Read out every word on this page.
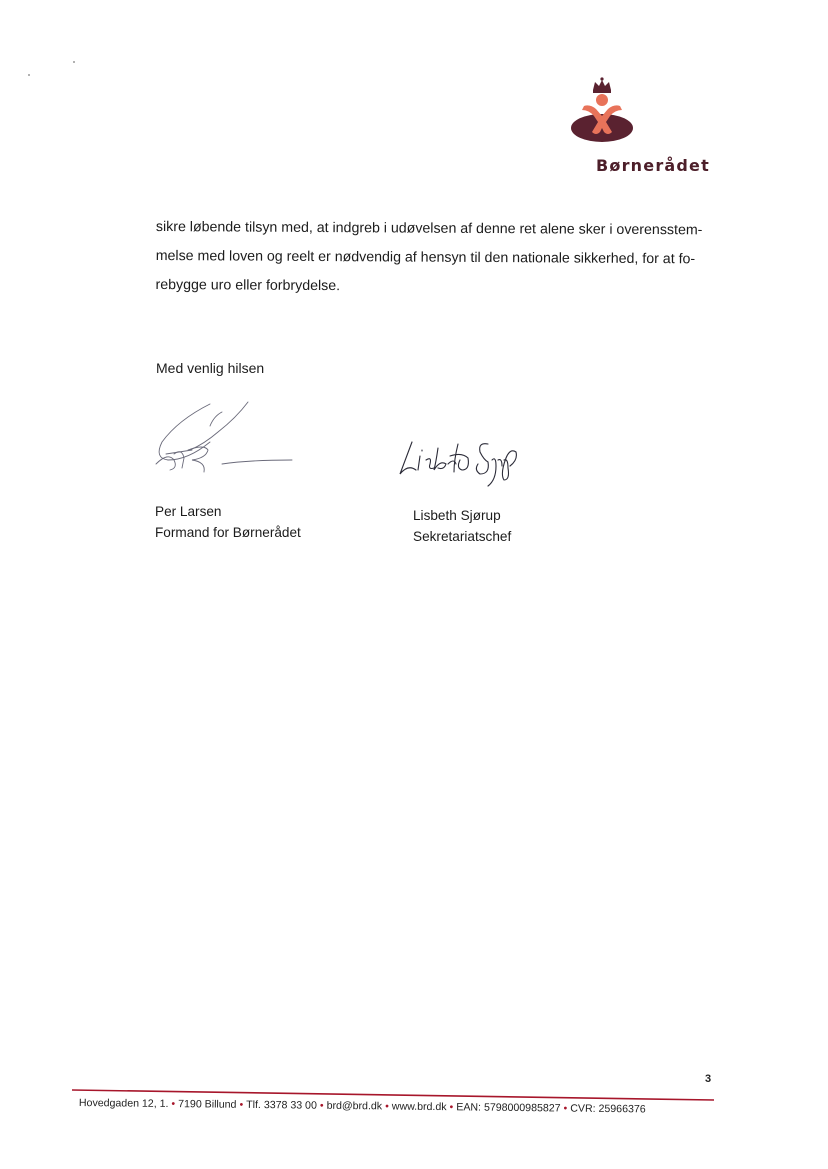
Børnerådet
sikre løbende tilsyn med, at indgreb i udøvelsen af denne ret alene sker i overensstem-
melse med loven og reelt er nødvendig af hensyn til den nationale sikkerhed, for at fo-
rebygge uro eller forbrydelse.
Med venlig hilsen
Per Larsen
Formand for Børnerådet
Lisbeth Sjørup
Sekretariatschef
3
Hovedgaden 12, 1. • 7190 Billund • Tlf. 3378 33 00 • brd@brd.dk • www.brd.dk • EAN: 5798000985827 • CVR: 25966376
